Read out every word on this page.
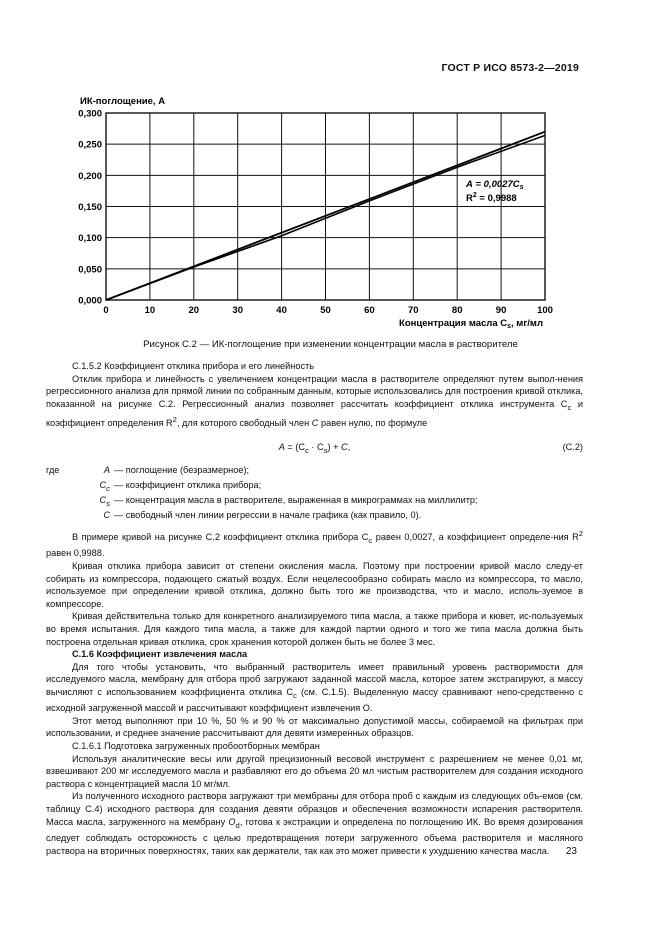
ГОСТ Р ИСО 8573-2—2019
0,000
0,050
0,100
0,150
0,200
0,250
0,300
0	10	20	30	40	50	60	70	80	90	100
ИК-поглощение, А
Концентрация масла $С_s$, мг/мл
$А = 0,0027С_s$
$R^2 = 0,9988$
Рисунок С.2 — ИК-поглощение при изменении концентрации масла в растворителе

С.1.5.2 Коэффициент отклика прибора и его линейность

Отклик прибора и линейность с увеличением концентрации масла в растворителе определяют путем выпол-нения регрессионного анализа для прямой линии по собранным данным, которые использовались для построения кривой отклика, показанной на рисунке С.2. Регрессионный анализ позволяет рассчитать коэффициент отклика инструмента $С_с$ и коэффициент определения $R^2$, для которого свободный член С равен нулю, по формуле

$А = (С_с \cdot С_s) + С$,	(С.2)
где	А — поглощение (безразмерное);
$С_с$ — коэффициент отклика прибора;
$С_s$ — концентрация масла в растворителе, выраженная в микрограммах на миллилитр;
С — свободный член линии регрессии в начале графика (как правило, 0).

В примере кривой на рисунке С.2 коэффициент отклика прибора $С_с$ равен 0,0027, а коэффициент определе-ния $R^2$ равен 0,9988.

Кривая отклика прибора зависит от степени окисления масла. Поэтому при построении кривой масло следу-ет собирать из компрессора, подающего сжатый воздух. Если нецелесообразно собирать масло из компрессора, то масло, используемое при определении кривой отклика, должно быть того же производства, что и масло, исполь-зуемое в компрессоре.

Кривая действительна только для конкретного анализируемого типа масла, а также прибора и кювет, ис-пользуемых во время испытания. Для каждого типа масла, а также для каждой партии одного и того же типа масла должна быть построена отдельная кривая отклика, срок хранения которой должен быть не более 3 мес.

С.1.6 Коэффициент извлечения масла

Для того чтобы установить, что выбранный растворитель имеет правильный уровень растворимости для исследуемого масла, мембрану для отбора проб загружают заданной массой масла, которое затем экстрагируют, а массу вычисляют с использованием коэффициента отклика $С_с$ (см. С.1.5). Выделенную массу сравнивают непо-средственно с исходной загруженной массой и рассчитывают коэффициент извлечения О.

Этот метод выполняют при 10 %, 50 % и 90 % от максимально допустимой массы, собираемой на фильтрах при использовании, и среднее значение рассчитывают для девяти измеренных образцов.

С.1.6.1 Подготовка загруженных пробоотборных мембран

Используя аналитические весы или другой прецизионный весовой инструмент с разрешением не менее 0,01 мг, взвешивают 200 мг исследуемого масла и разбавляют его до объема 20 мл чистым растворителем для создания исходного раствора с концентрацией масла 10 мг/мл.

Из полученного исходного раствора загружают три мембраны для отбора проб с каждым из следующих объ-емов (см. таблицу С.4) исходного раствора для создания девяти образцов и обеспечения возможности испарения растворителя. Масса масла, загруженного на мембрану $О_d$, готова к экстракции и определена по поглощению ИК. Во время дозирования следует соблюдать осторожность с целью предотвращения потери загруженного объема растворителя и масляного раствора на вторичных поверхностях, таких как держатели, так как это может привести к ухудшению качества масла.	23
